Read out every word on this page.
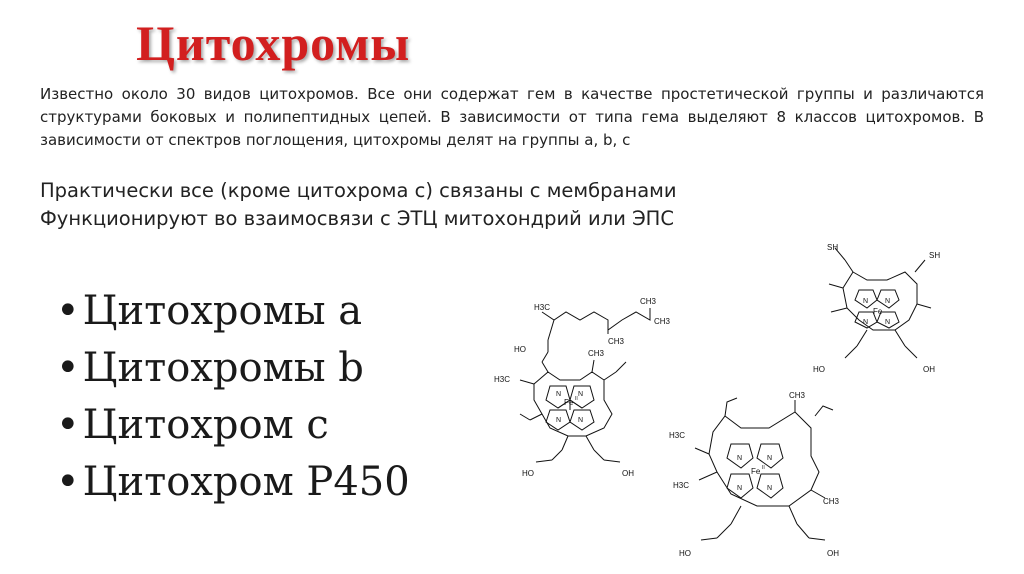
Цитохромы
Известно около 30 видов цитохромов. Все они содержат гем в качестве простетической группы и различаются структурами боковых и полипептидных цепей. В зависимости от типа гема выделяют 8 классов цитохромов. В зависимости от спектров поглощения, цитохромы делят на группы a, b, c
Практически все (кроме цитохрома с) связаны с мембранами
Функционируют во взаимосвязи с ЭТЦ митохондрий или ЭПС
•Цитохромы a
•Цитохромы b
•Цитохром c
•Цитохром P450
H3C
CH3
CH3
CH3
HO
H3C
CH3
N N
N N
Fe II
HO	OH
SH
SH
N N
N N
Fe
HO	OH
H3C
H3C
CH3
CH3
N	N
N	N
Fe II
HO	OH
